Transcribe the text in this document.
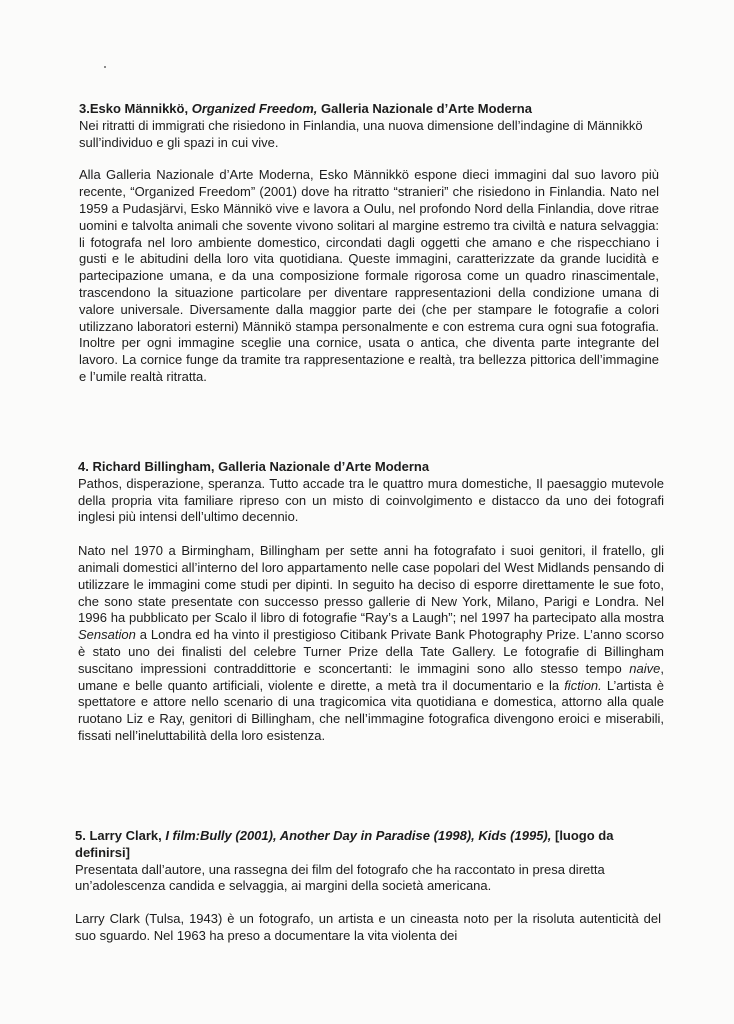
3.Esko Männikkö, Organized Freedom, Galleria Nazionale d’Arte Moderna
Nei ritratti di immigrati che risiedono in Finlandia, una nuova dimensione dell’indagine di Männikkö sull’individuo e gli spazi in cui vive.
Alla Galleria Nazionale d’Arte Moderna, Esko Männikkö espone dieci immagini dal suo lavoro più recente, “Organized Freedom” (2001) dove ha ritratto “stranieri” che risiedono in Finlandia. Nato nel 1959 a Pudasjärvi, Esko Männikö vive e lavora a Oulu, nel profondo Nord della Finlandia, dove ritrae uomini e talvolta animali che sovente vivono solitari al margine estremo tra civiltà e natura selvaggia: li fotografa nel loro ambiente domestico, circondati dagli oggetti che amano e che rispecchiano i gusti e le abitudini della loro vita quotidiana. Queste immagini, caratterizzate da grande lucidità e partecipazione umana, e da una composizione formale rigorosa come un quadro rinascimentale, trascendono la situazione particolare per diventare rappresentazioni della condizione umana di valore universale. Diversamente dalla maggior parte dei (che per stampare le fotografie a colori utilizzano laboratori esterni) Männikö stampa personalmente e con estrema cura ogni sua fotografia. Inoltre per ogni immagine sceglie una cornice, usata o antica, che diventa parte integrante del lavoro. La cornice funge da tramite tra rappresentazione e realtà, tra bellezza pittorica dell’immagine e l’umile realtà ritratta.
4. Richard Billingham, Galleria Nazionale d’Arte Moderna
Pathos, disperazione, speranza. Tutto accade tra le quattro mura domestiche, Il paesaggio mutevole della propria vita familiare ripreso con un misto di coinvolgimento e distacco da uno dei fotografi inglesi più intensi dell’ultimo decennio.
Nato nel 1970 a Birmingham, Billingham per sette anni ha fotografato i suoi genitori, il fratello, gli animali domestici all’interno del loro appartamento nelle case popolari del West Midlands pensando di utilizzare le immagini come studi per dipinti. In seguito ha deciso di esporre direttamente le sue foto, che sono state presentate con successo presso gallerie di New York, Milano, Parigi e Londra. Nel 1996 ha pubblicato per Scalo il libro di fotografie “Ray’s a Laugh”; nel 1997 ha partecipato alla mostra Sensation a Londra ed ha vinto il prestigioso Citibank Private Bank Photography Prize. L’anno scorso è stato uno dei finalisti del celebre Turner Prize della Tate Gallery. Le fotografie di Billingham suscitano impressioni contraddittorie e sconcertanti: le immagini sono allo stesso tempo naive, umane e belle quanto artificiali, violente e dirette, a metà tra il documentario e la fiction. L’artista è spettatore e attore nello scenario di una tragicomica vita quotidiana e domestica, attorno alla quale ruotano Liz e Ray, genitori di Billingham, che nell’immagine fotografica divengono eroici e miserabili, fissati nell’ineluttabilità della loro esistenza.
5. Larry Clark, I film:Bully (2001), Another Day in Paradise (1998), Kids (1995), [luogo da definirsi]
Presentata dall’autore, una rassegna dei film del fotografo che ha raccontato in presa diretta un’adolescenza candida e selvaggia, ai margini della società americana.
Larry Clark (Tulsa, 1943) è un fotografo, un artista e un cineasta noto per la risoluta autenticità del suo sguardo. Nel 1963 ha preso a documentare la vita violenta dei
